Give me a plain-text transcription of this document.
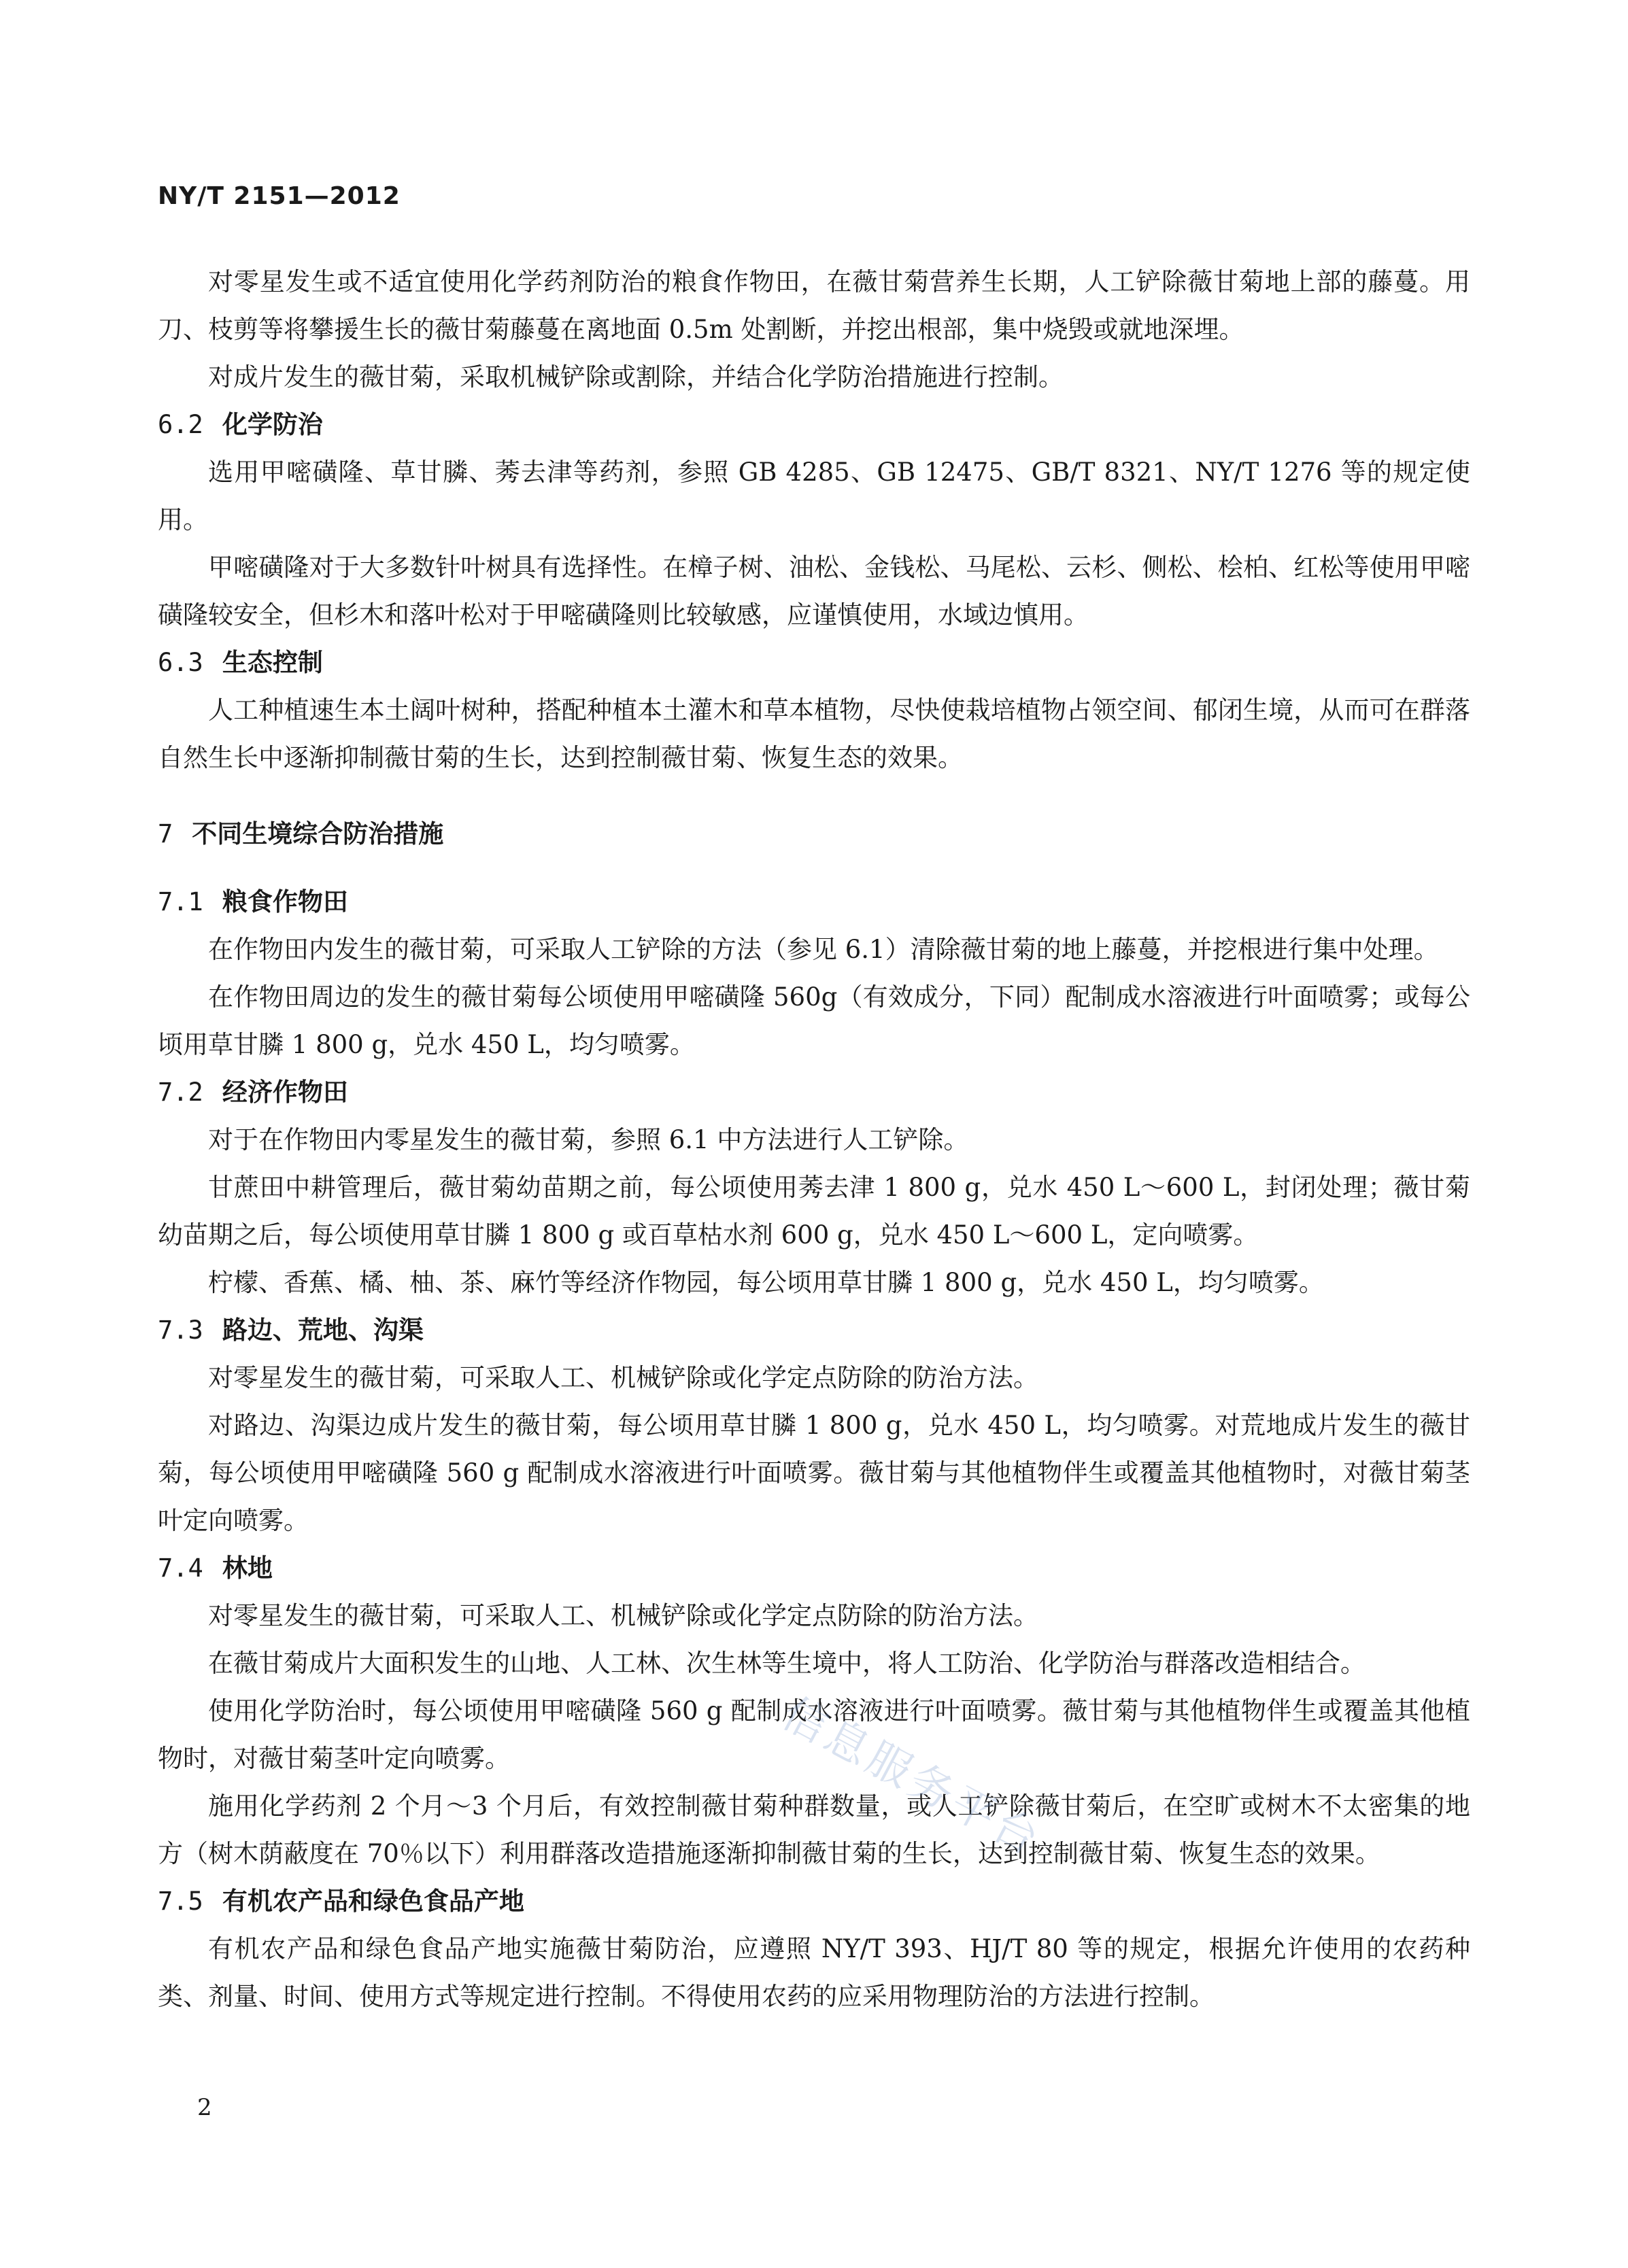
NY/T 2151—2012

对零星发生或不适宜使用化学药剂防治的粮食作物田，在薇甘菊营养生长期，人工铲除薇甘菊地上部的藤蔓。用刀、枝剪等将攀援生长的薇甘菊藤蔓在离地面 0.5m 处割断，并挖出根部，集中烧毁或就地深埋。

对成片发生的薇甘菊，采取机械铲除或割除，并结合化学防治措施进行控制。

6.2 化学防治

选用甲嘧磺隆、草甘膦、莠去津等药剂，参照 GB 4285、GB 12475、GB/T 8321、NY/T 1276 等的规定使用。

甲嘧磺隆对于大多数针叶树具有选择性。在樟子树、油松、金钱松、马尾松、云杉、侧松、桧柏、红松等使用甲嘧磺隆较安全，但杉木和落叶松对于甲嘧磺隆则比较敏感，应谨慎使用，水域边慎用。

6.3 生态控制

人工种植速生本土阔叶树种，搭配种植本土灌木和草本植物，尽快使栽培植物占领空间、郁闭生境，从而可在群落自然生长中逐渐抑制薇甘菊的生长，达到控制薇甘菊、恢复生态的效果。

7 不同生境综合防治措施
7.1 粮食作物田

在作物田内发生的薇甘菊，可采取人工铲除的方法（参见 6.1）清除薇甘菊的地上藤蔓，并挖根进行集中处理。

在作物田周边的发生的薇甘菊每公顷使用甲嘧磺隆 560g（有效成分，下同）配制成水溶液进行叶面喷雾；或每公顷用草甘膦 1 800 g，兑水 450 L，均匀喷雾。

7.2 经济作物田

对于在作物田内零星发生的薇甘菊，参照 6.1 中方法进行人工铲除。

甘蔗田中耕管理后，薇甘菊幼苗期之前，每公顷使用莠去津 1 800 g，兑水 450 L～600 L，封闭处理；薇甘菊幼苗期之后，每公顷使用草甘膦 1 800 g 或百草枯水剂 600 g，兑水 450 L～600 L，定向喷雾。

柠檬、香蕉、橘、柚、茶、麻竹等经济作物园，每公顷用草甘膦 1 800 g，兑水 450 L，均匀喷雾。

7.3 路边、荒地、沟渠

对零星发生的薇甘菊，可采取人工、机械铲除或化学定点防除的防治方法。

对路边、沟渠边成片发生的薇甘菊，每公顷用草甘膦 1 800 g，兑水 450 L，均匀喷雾。对荒地成片发生的薇甘菊，每公顷使用甲嘧磺隆 560 g 配制成水溶液进行叶面喷雾。薇甘菊与其他植物伴生或覆盖其他植物时，对薇甘菊茎叶定向喷雾。

7.4 林地

对零星发生的薇甘菊，可采取人工、机械铲除或化学定点防除的防治方法。

在薇甘菊成片大面积发生的山地、人工林、次生林等生境中，将人工防治、化学防治与群落改造相结合。

使用化学防治时，每公顷使用甲嘧磺隆 560 g 配制成水溶液进行叶面喷雾。薇甘菊与其他植物伴生或覆盖其他植物时，对薇甘菊茎叶定向喷雾。

施用化学药剂 2 个月～3 个月后，有效控制薇甘菊种群数量，或人工铲除薇甘菊后，在空旷或树木不太密集的地方（树木荫蔽度在 70％以下）利用群落改造措施逐渐抑制薇甘菊的生长，达到控制薇甘菊、恢复生态的效果。

7.5 有机农产品和绿色食品产地

有机农产品和绿色食品产地实施薇甘菊防治，应遵照 NY/T 393、HJ/T 80 等的规定，根据允许使用的农药种类、剂量、时间、使用方式等规定进行控制。不得使用农药的应采用物理防治的方法进行控制。

信息服务平台
2
